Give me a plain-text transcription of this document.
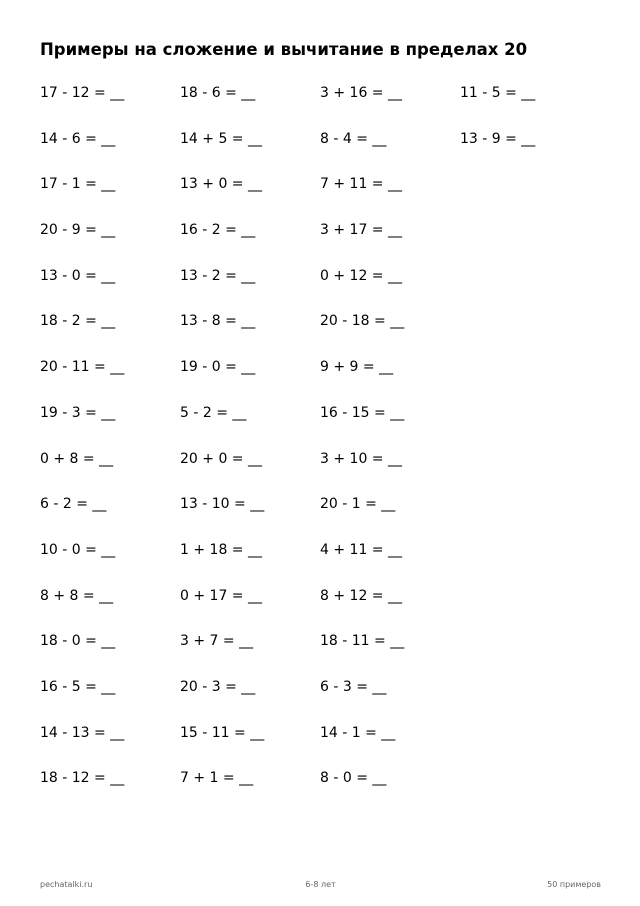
Примеры на сложение и вычитание в пределах 20
17 - 12 = __
14 - 6 = __
17 - 1 = __
20 - 9 = __
13 - 0 = __
18 - 2 = __
20 - 11 = __
19 - 3 = __
0 + 8 = __
6 - 2 = __
10 - 0 = __
8 + 8 = __
18 - 0 = __
16 - 5 = __
14 - 13 = __
18 - 12 = __
18 - 6 = __
14 + 5 = __
13 + 0 = __
16 - 2 = __
13 - 2 = __
13 - 8 = __
19 - 0 = __
5 - 2 = __
20 + 0 = __
13 - 10 = __
1 + 18 = __
0 + 17 = __
3 + 7 = __
20 - 3 = __
15 - 11 = __
7 + 1 = __
3 + 16 = __
8 - 4 = __
7 + 11 = __
3 + 17 = __
0 + 12 = __
20 - 18 = __
9 + 9 = __
16 - 15 = __
3 + 10 = __
20 - 1 = __
4 + 11 = __
8 + 12 = __
18 - 11 = __
6 - 3 = __
14 - 1 = __
8 - 0 = __
11 - 5 = __
13 - 9 = __
pechatalki.ru	6-8 лет	50 примеров
